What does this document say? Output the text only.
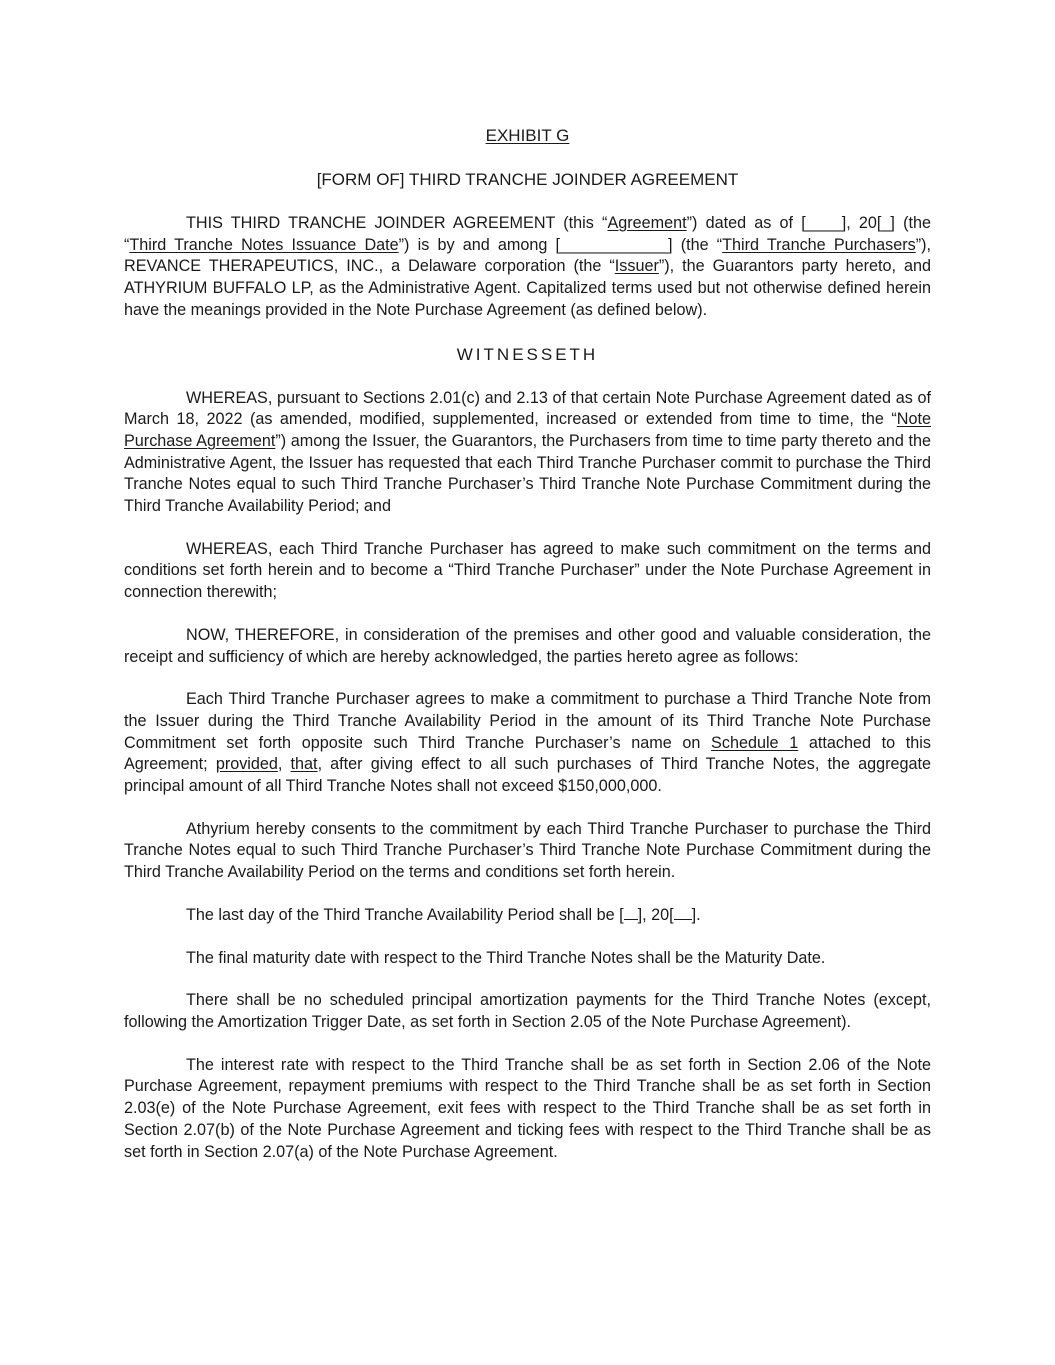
EXHIBIT G
[FORM OF] THIRD TRANCHE JOINDER AGREEMENT

THIS THIRD TRANCHE JOINDER AGREEMENT (this “Agreement”) dated as of [____], 20[_] (the “Third Tranche Notes Issuance Date”) is by and among [____________] (the “Third Tranche Purchasers”), REVANCE THERAPEUTICS, INC., a Delaware corporation (the “Issuer”), the Guarantors party hereto, and ATHYRIUM BUFFALO LP, as the Administrative Agent. Capitalized terms used but not otherwise defined herein have the meanings provided in the Note Purchase Agreement (as defined below).

WITNESSETH

WHEREAS, pursuant to Sections 2.01(c) and 2.13 of that certain Note Purchase Agreement dated as of March 18, 2022 (as amended, modified, supplemented, increased or extended from time to time, the “Note Purchase Agreement”) among the Issuer, the Guarantors, the Purchasers from time to time party thereto and the Administrative Agent, the Issuer has requested that each Third Tranche Purchaser commit to purchase the Third Tranche Notes equal to such Third Tranche Purchaser’s Third Tranche Note Purchase Commitment during the Third Tranche Availability Period; and

WHEREAS, each Third Tranche Purchaser has agreed to make such commitment on the terms and conditions set forth herein and to become a “Third Tranche Purchaser” under the Note Purchase Agreement in connection therewith;

NOW, THEREFORE, in consideration of the premises and other good and valuable consideration, the receipt and sufficiency of which are hereby acknowledged, the parties hereto agree as follows:

Each Third Tranche Purchaser agrees to make a commitment to purchase a Third Tranche Note from the Issuer during the Third Tranche Availability Period in the amount of its Third Tranche Note Purchase Commitment set forth opposite such Third Tranche Purchaser’s name on Schedule 1 attached to this Agreement; provided, that, after giving effect to all such purchases of Third Tranche Notes, the aggregate principal amount of all Third Tranche Notes shall not exceed $150,000,000.

Athyrium hereby consents to the commitment by each Third Tranche Purchaser to purchase the Third Tranche Notes equal to such Third Tranche Purchaser’s Third Tranche Note Purchase Commitment during the Third Tranche Availability Period on the terms and conditions set forth herein.

The last day of the Third Tranche Availability Period shall be [ ], 20[ ].

The final maturity date with respect to the Third Tranche Notes shall be the Maturity Date.

There shall be no scheduled principal amortization payments for the Third Tranche Notes (except, following the Amortization Trigger Date, as set forth in Section 2.05 of the Note Purchase Agreement).

The interest rate with respect to the Third Tranche shall be as set forth in Section 2.06 of the Note Purchase Agreement, repayment premiums with respect to the Third Tranche shall be as set forth in Section 2.03(e) of the Note Purchase Agreement, exit fees with respect to the Third Tranche shall be as set forth in Section 2.07(b) of the Note Purchase Agreement and ticking fees with respect to the Third Tranche shall be as set forth in Section 2.07(a) of the Note Purchase Agreement.
